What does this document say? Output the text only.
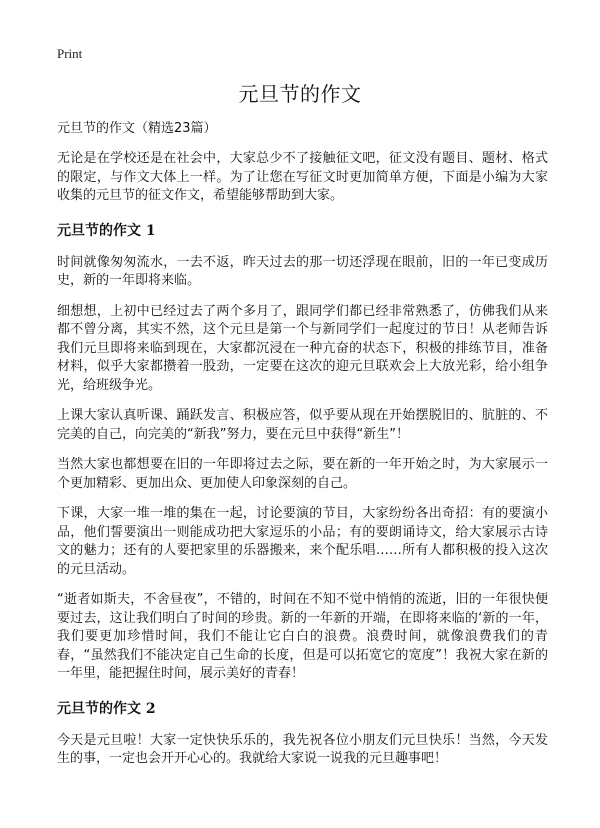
Print
元旦节的作文
元旦节的作文（精选23篇）

无论是在学校还是在社会中，大家总少不了接触征文吧，征文没有题目、题材、格式的限定，与作文大体上一样。为了让您在写征文时更加简单方便，下面是小编为大家收集的元旦节的征文作文，希望能够帮助到大家。

元旦节的作文 1

时间就像匆匆流水，一去不返，昨天过去的那一切还浮现在眼前，旧的一年已变成历史，新的一年即将来临。

细想想，上初中已经过去了两个多月了，跟同学们都已经非常熟悉了，仿佛我们从来都不曾分离，其实不然，这个元旦是第一个与新同学们一起度过的节日！从老师告诉我们元旦即将来临到现在，大家都沉浸在一种亢奋的状态下，积极的排练节目，准备材料，似乎大家都攒着一股劲，一定要在这次的迎元旦联欢会上大放光彩，给小组争光，给班级争光。

上课大家认真听课、踊跃发言、积极应答，似乎要从现在开始摆脱旧的、肮脏的、不完美的自己，向完美的“新我”努力，要在元旦中获得“新生”！

当然大家也都想要在旧的一年即将过去之际，要在新的一年开始之时，为大家展示一个更加精彩、更加出众、更加使人印象深刻的自己。

下课，大家一堆一堆的集在一起，讨论要演的节目，大家纷纷各出奇招：有的要演小品，他们誓要演出一则能成功把大家逗乐的小品；有的要朗诵诗文，给大家展示古诗文的魅力；还有的人要把家里的乐器搬来，来个配乐唱……所有人都积极的投入这次的元旦活动。

“逝者如斯夫，不舍昼夜”，不错的，时间在不知不觉中悄悄的流逝，旧的一年很快便要过去，这让我们明白了时间的珍贵。新的一年新的开端，在即将来临的‘新的一年，我们要更加珍惜时间，我们不能让它白白的浪费。浪费时间，就像浪费我们的青春，“虽然我们不能决定自己生命的长度，但是可以拓宽它的宽度”！我祝大家在新的一年里，能把握住时间，展示美好的青春！

元旦节的作文 2

今天是元旦啦！大家一定快快乐乐的，我先祝各位小朋友们元旦快乐！当然，今天发生的事，一定也会开开心心的。我就给大家说一说我的元旦趣事吧！
